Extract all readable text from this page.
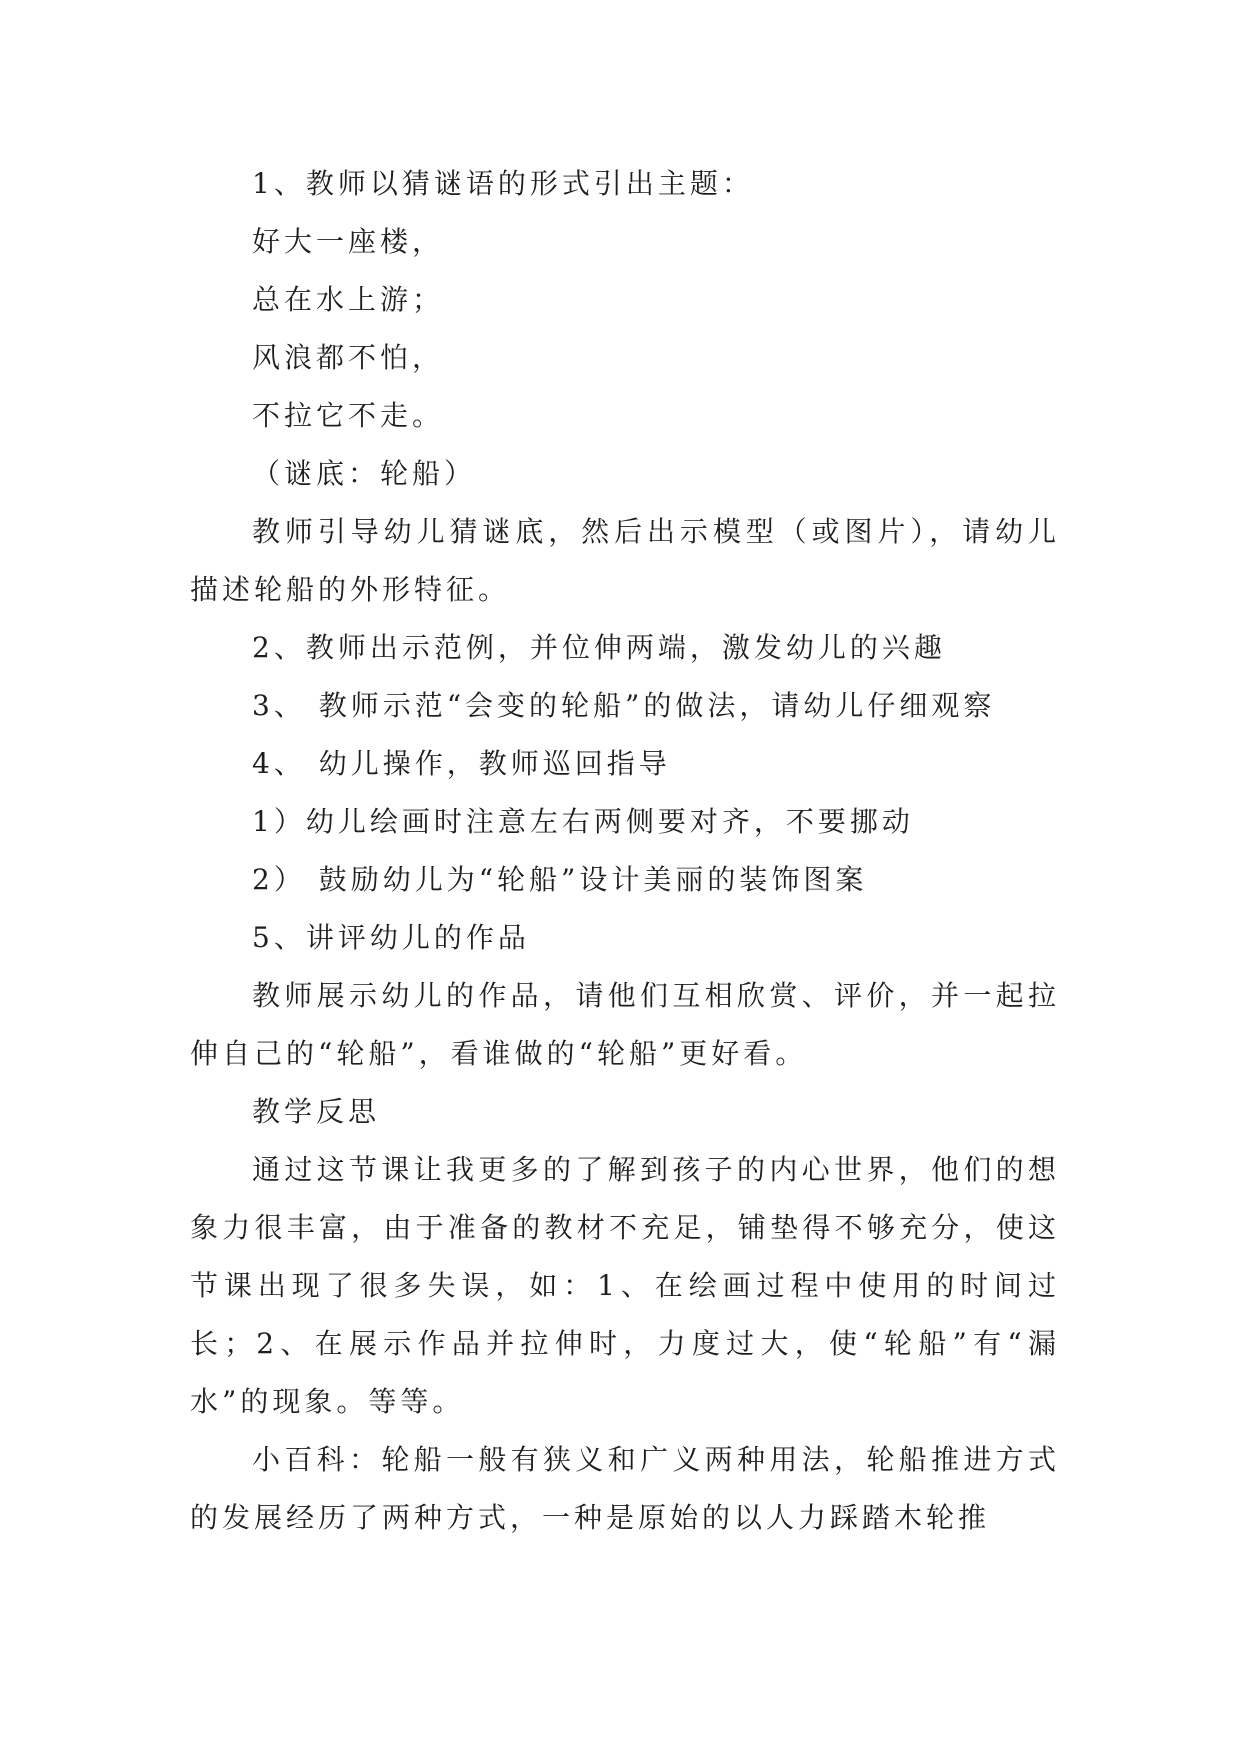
1、教师以猜谜语的形式引出主题：

好大一座楼，

总在水上游；

风浪都不怕，

不拉它不走。

（谜底：轮船）

教师引导幼儿猜谜底，然后出示模型（或图片），请幼儿描述轮船的外形特征。

2、教师出示范例，并位伸两端，激发幼儿的兴趣

3、 教师示范“会变的轮船”的做法，请幼儿仔细观察

4、 幼儿操作，教师巡回指导

1）幼儿绘画时注意左右两侧要对齐，不要挪动

2） 鼓励幼儿为“轮船”设计美丽的装饰图案

5、讲评幼儿的作品

教师展示幼儿的作品，请他们互相欣赏、评价，并一起拉伸自己的“轮船”，看谁做的“轮船”更好看。

教学反思

通过这节课让我更多的了解到孩子的内心世界，他们的想象力很丰富，由于准备的教材不充足，铺垫得不够充分，使这节课出现了很多失误，如：1、在绘画过程中使用的时间过长；2、在展示作品并拉伸时，力度过大，使“轮船”有“漏水”的现象。等等。

小百科：轮船一般有狭义和广义两种用法，轮船推进方式的发展经历了两种方式，一种是原始的以人力踩踏木轮推
